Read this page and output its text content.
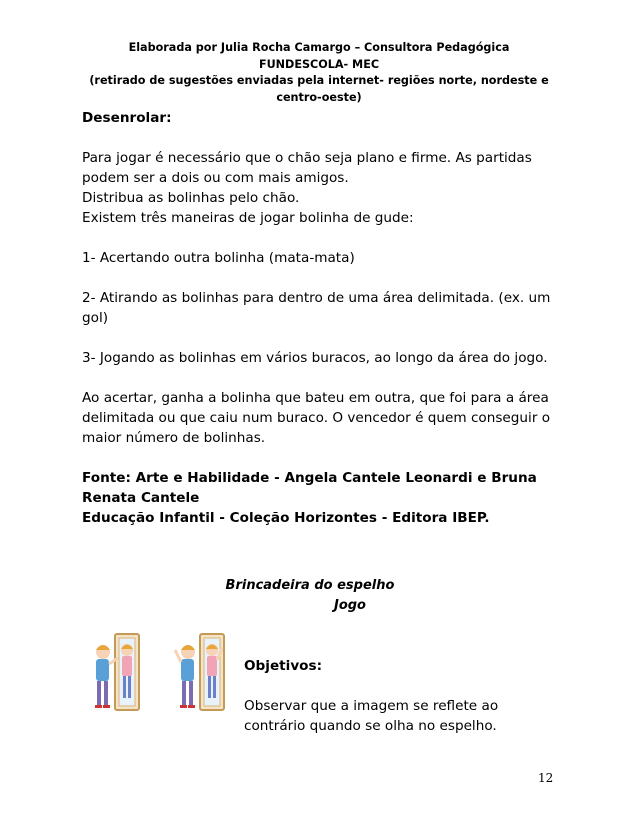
Elaborada por Julia Rocha Camargo – Consultora Pedagógica
FUNDESCOLA- MEC
(retirado de sugestões enviadas pela internet- regiões norte, nordeste e
centro-oeste)
Desenrolar:
Para jogar é necessário que o chão seja plano e firme. As partidas
podem ser a dois ou com mais amigos.
Distribua as bolinhas pelo chão.
Existem três maneiras de jogar bolinha de gude:
1- Acertando outra bolinha (mata-mata)
2- Atirando as bolinhas para dentro de uma área delimitada. (ex. um
gol)
3- Jogando as bolinhas em vários buracos, ao longo da área do jogo.
Ao acertar, ganha a bolinha que bateu em outra, que foi para a área
delimitada ou que caiu num buraco. O vencedor é quem conseguir o
maior número de bolinhas.
Fonte: Arte e Habilidade - Angela Cantele Leonardi e Bruna
Renata Cantele
Educação Infantil - Coleção Horizontes - Editora IBEP.
Brincadeira do espelho
Jogo
Objetivos:
Observar que a imagem se reflete ao
contrário quando se olha no espelho.
12
